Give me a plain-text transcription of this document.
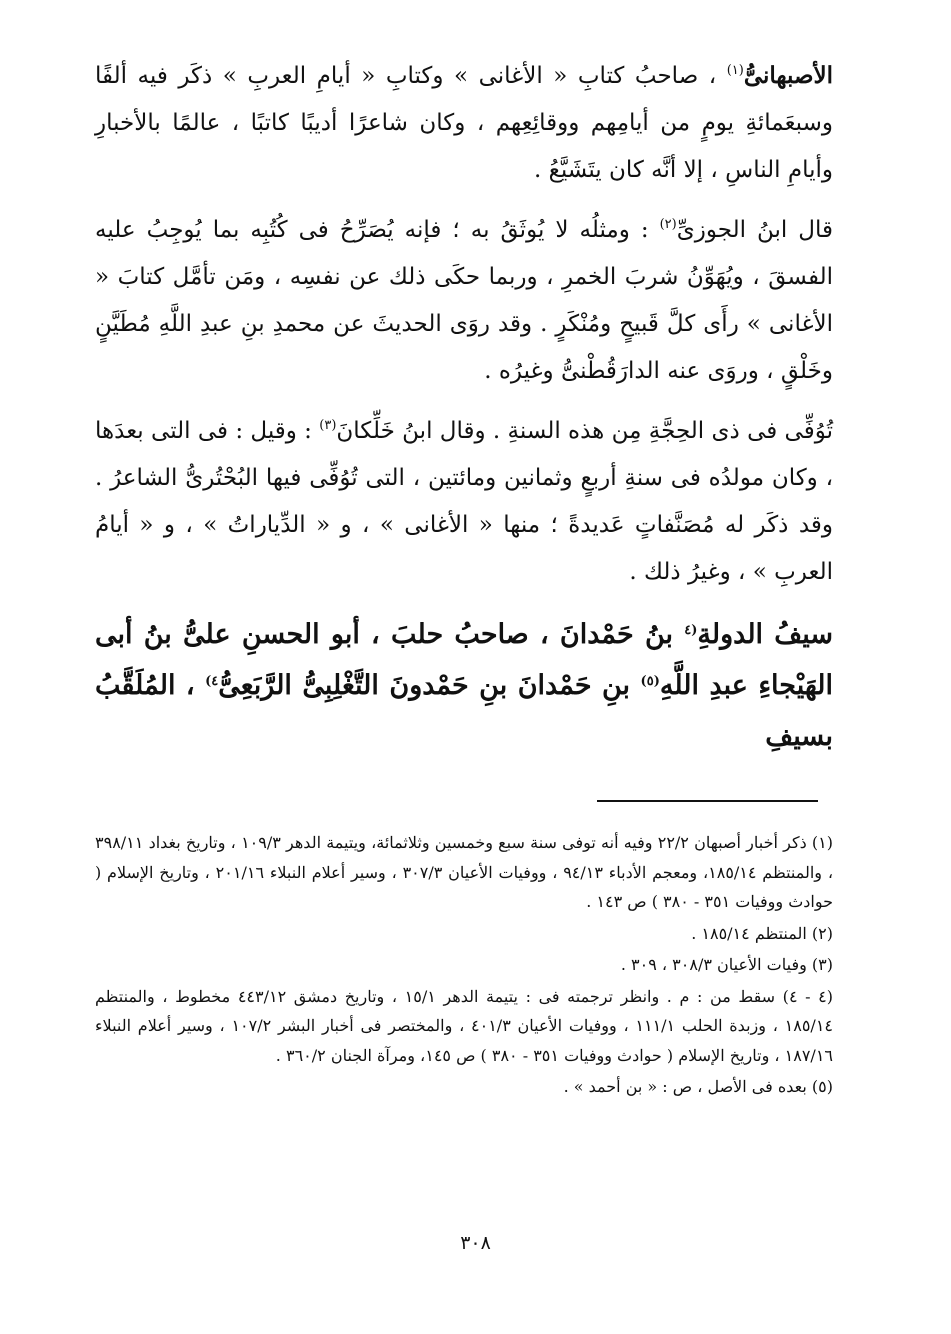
الأصبهانىُّ$^{(١)}$ ، صاحبُ كتابِ « الأغانى » وكتابِ « أيامِ العربِ » ذكَر فيه ألفًا وسبعَمائةِ يومٍ من أيامِهم ووقائِعِهم ، وكان شاعرًا أديبًا كاتبًا ، عالمًا بالأخبارِ وأيامِ الناسِ ، إلا أنَّه كان يتَشَيَّعُ .

قال ابنُ الجوزىِّ$^{(٢)}$ : ومثلُه لا يُوثَقُ به ؛ فإنه يُصَرِّحُ فى كُتُبِه بما يُوجِبُ عليه الفسقَ ، ويُهَوِّنُ شربَ الخمرِ ، وربما حكَى ذلك عن نفسِه ، ومَن تأمَّل كتابَ « الأغانى » رأَى كلَّ قَبيحٍ ومُنْكَرٍ . وقد روَى الحديثَ عن محمدِ بنِ عبدِ اللَّهِ مُطَيَّنٍ وخَلْقٍ ، وروَى عنه الدارَقُطْنىُّ وغيرُه .

تُوُفِّى فى ذى الحِجَّةِ مِن هذه السنةِ . وقال ابنُ خَلِّكانَ$^{(٣)}$ : وقيل : فى التى بعدَها ، وكان مولدُه فى سنةِ أربعٍ وثمانين ومائتين ، التى تُوُفِّى فيها البُحْتُرىُّ الشاعرُ . وقد ذكَر له مُصَنَّفاتٍ عَديدةً ؛ منها « الأغانى » ، و « الدِّياراتُ » ، و « أيامُ العربِ » ، وغيرُ ذلك .

سيفُ الدولةِ$^{(٤}$ بنُ حَمْدانَ ، صاحبُ حلبَ ، أبو الحسنِ علىُّ بنُ أبى الهَيْجاءِ عبدِ اللَّهِ$^{(٥)}$ بنِ حَمْدانَ بنِ حَمْدونَ التَّغْلِبِىُّ الرَّبَعِىُّ$^{٤)}$ ، المُلَقَّبُ بسيفِ

(١) ذكر أخبار أصبهان ٢٢/٢ وفيه أنه توفى سنة سبع وخمسين وثلاثمائة، ويتيمة الدهر ١٠٩/٣ ، وتاريخ بغداد ٣٩٨/١١ ، والمنتظم ١٨٥/١٤، ومعجم الأدباء ٩٤/١٣ ، ووفيات الأعيان ٣٠٧/٣ ، وسير أعلام النبلاء ٢٠١/١٦ ، وتاريخ الإسلام ( حوادث ووفيات ٣٥١ - ٣٨٠ ) ص ١٤٣ .

(٢) المنتظم ١٨٥/١٤ .

(٣) وفيات الأعيان ٣٠٨/٣ ، ٣٠٩ .

(٤ - ٤) سقط من : م . وانظر ترجمته فى : يتيمة الدهر ١٥/١ ، وتاريخ دمشق ٤٤٣/١٢ مخطوط ، والمنتظم ١٨٥/١٤ ، وزبدة الحلب ١١١/١ ، ووفيات الأعيان ٤٠١/٣ ، والمختصر فى أخبار البشر ١٠٧/٢ ، وسير أعلام النبلاء ١٨٧/١٦ ، وتاريخ الإسلام ( حوادث ووفيات ٣٥١ - ٣٨٠ ) ص ١٤٥، ومرآة الجنان ٣٦٠/٢ .

(٥) بعده فى الأصل ، ص : « بن أحمد » .

٣٠٨
